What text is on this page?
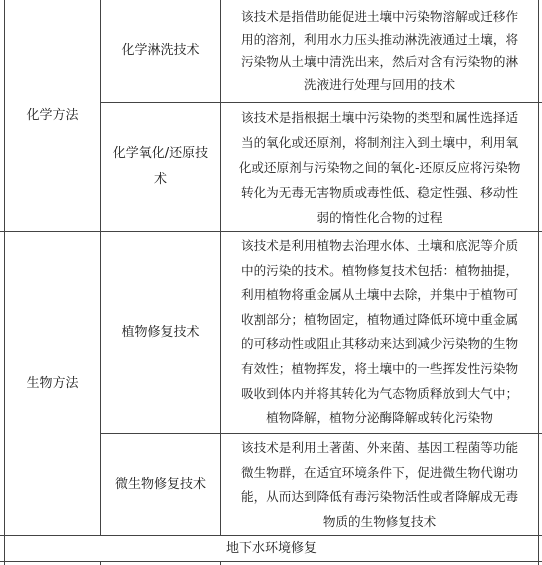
化学方法
生物方法
化学淋洗技术
化学氧化/还原技
术
植物修复技术
微生物修复技术
该技术是指借助能促进土壤中污染物溶解或迁移作
用的溶剂，利用水力压头推动淋洗液通过土壤，将
污染物从土壤中清洗出来，然后对含有污染物的淋
洗液进行处理与回用的技术
该技术是指根据土壤中污染物的类型和属性选择适
当的氧化或还原剂，将制剂注入到土壤中，利用氧
化或还原剂与污染物之间的氧化-还原反应将污染物
转化为无毒无害物质或毒性低、稳定性强、移动性
弱的惰性化合物的过程
该技术是利用植物去治理水体、土壤和底泥等介质
中的污染的技术。植物修复技术包括：植物抽提，
利用植物将重金属从土壤中去除，并集中于植物可
收割部分；植物固定，植物通过降低环境中重金属
的可移动性或阻止其移动来达到减少污染物的生物
有效性；植物挥发，将土壤中的一些挥发性污染物
吸收到体内并将其转化为气态物质释放到大气中；
植物降解，植物分泌酶降解或转化污染物
该技术是利用土著菌、外来菌、基因工程菌等功能
微生物群，在适宜环境条件下，促进微生物代谢功
能，从而达到降低有毒污染物活性或者降解成无毒
物质的生物修复技术
地下水环境修复
